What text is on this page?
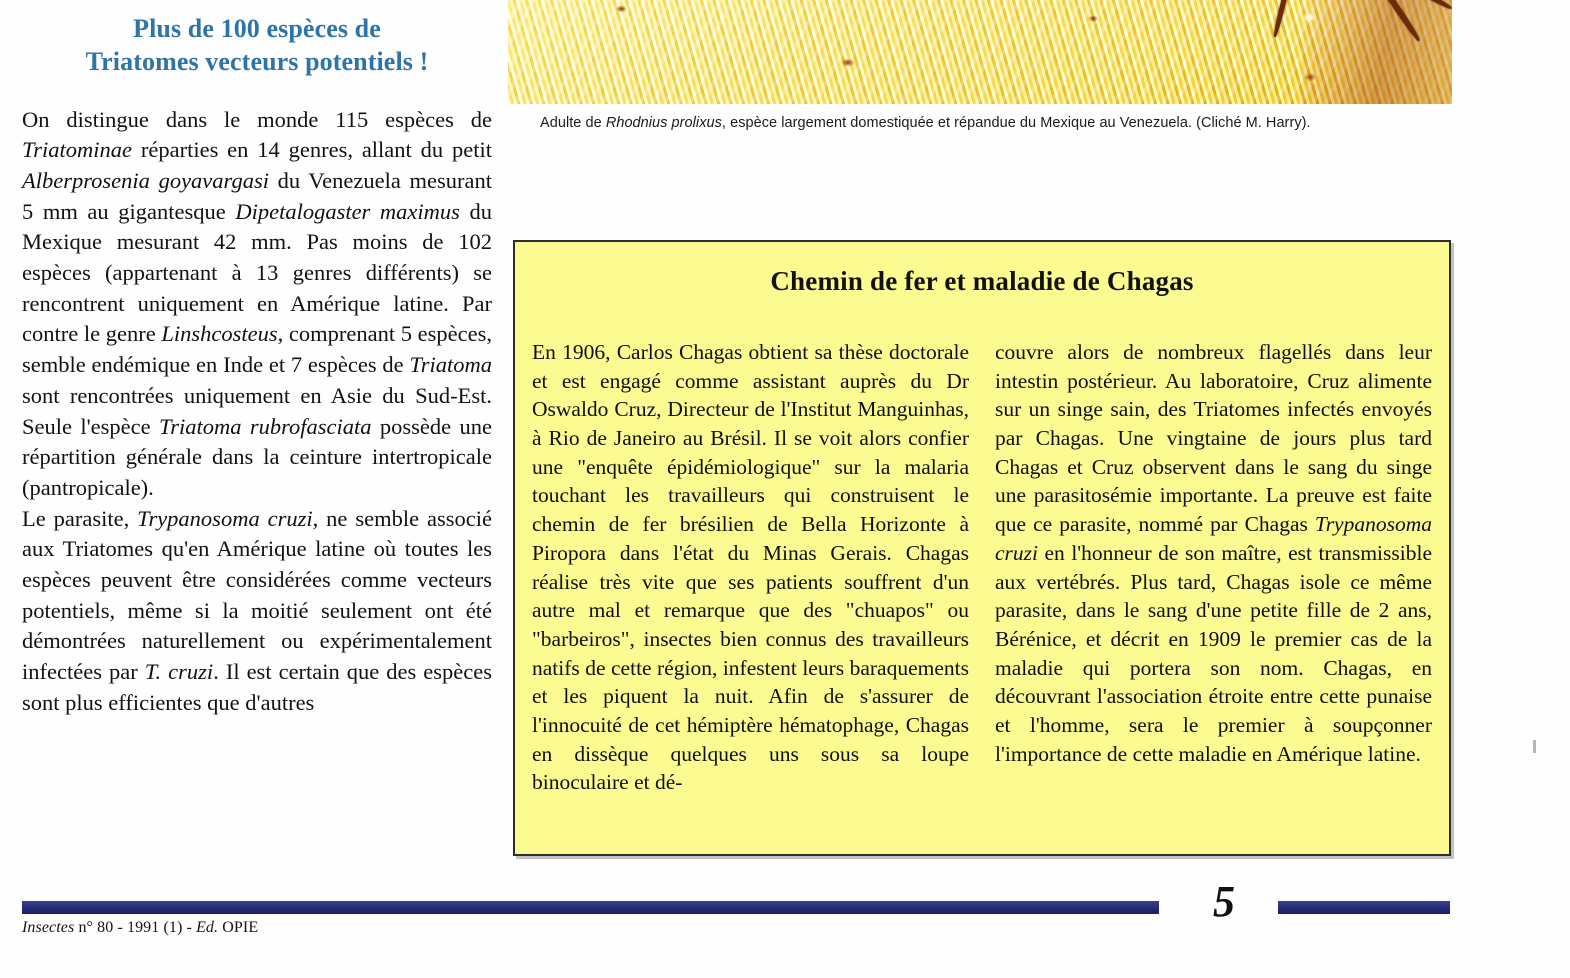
Plus de 100 espèces de
Triatomes vecteurs potentiels !

On distingue dans le monde 115 espèces de Triatominae réparties en 14 genres, allant du petit Alberprosenia goyavargasi du Venezuela mesurant 5 mm au gigantesque Dipetalogaster maximus du Mexique mesurant 42 mm. Pas moins de 102 espèces (appartenant à 13 genres différents) se rencontrent uniquement en Amérique latine. Par contre le genre Linshcosteus, comprenant 5 espèces, semble endémique en Inde et 7 espèces de Triatoma sont rencontrées uniquement en Asie du Sud-Est. Seule l'espèce Triatoma rubrofasciata possède une répartition générale dans la ceinture intertropicale (pantropicale).

Le parasite, Trypanosoma cruzi, ne semble associé aux Triatomes qu'en Amérique latine où toutes les espèces peuvent être considérées comme vecteurs potentiels, même si la moitié seulement ont été démontrées naturellement ou expérimentalement infectées par T. cruzi. Il est certain que des espèces sont plus efficientes que d'autres

Adulte de Rhodnius prolixus, espèce largement domestiquée et répandue du Mexique au Venezuela. (Cliché M. Harry).
Chemin de fer et maladie de Chagas

En 1906, Carlos Chagas obtient sa thèse doctorale et est engagé comme assistant auprès du Dr Oswaldo Cruz, Directeur de l'Institut Manguinhas, à Rio de Janeiro au Brésil. Il se voit alors confier une "enquête épidémiologique" sur la malaria touchant les travailleurs qui construisent le chemin de fer brésilien de Bella Horizonte à Piropora dans l'état du Minas Gerais. Chagas réalise très vite que ses patients souffrent d'un autre mal et remarque que des "chuapos" ou "barbeiros", insectes bien connus des travailleurs natifs de cette région, infestent leurs baraquements et les piquent la nuit. Afin de s'assurer de l'innocuité de cet hémiptère hématophage, Chagas en dissèque quelques uns sous sa loupe binoculaire et dé-

couvre alors de nombreux flagellés dans leur intestin postérieur. Au laboratoire, Cruz alimente sur un singe sain, des Triatomes infectés envoyés par Chagas. Une vingtaine de jours plus tard Chagas et Cruz observent dans le sang du singe une parasitosémie importante. La preuve est faite que ce parasite, nommé par Chagas Trypanosoma cruzi en l'honneur de son maître, est transmissible aux vertébrés. Plus tard, Chagas isole ce même parasite, dans le sang d'une petite fille de 2 ans, Bérénice, et décrit en 1909 le premier cas de la maladie qui portera son nom. Chagas, en découvrant l'association étroite entre cette punaise et l'homme, sera le premier à soupçonner l'importance de cette maladie en Amérique latine.

5
Insectes n° 80 - 1991 (1) - Ed. OPIE
